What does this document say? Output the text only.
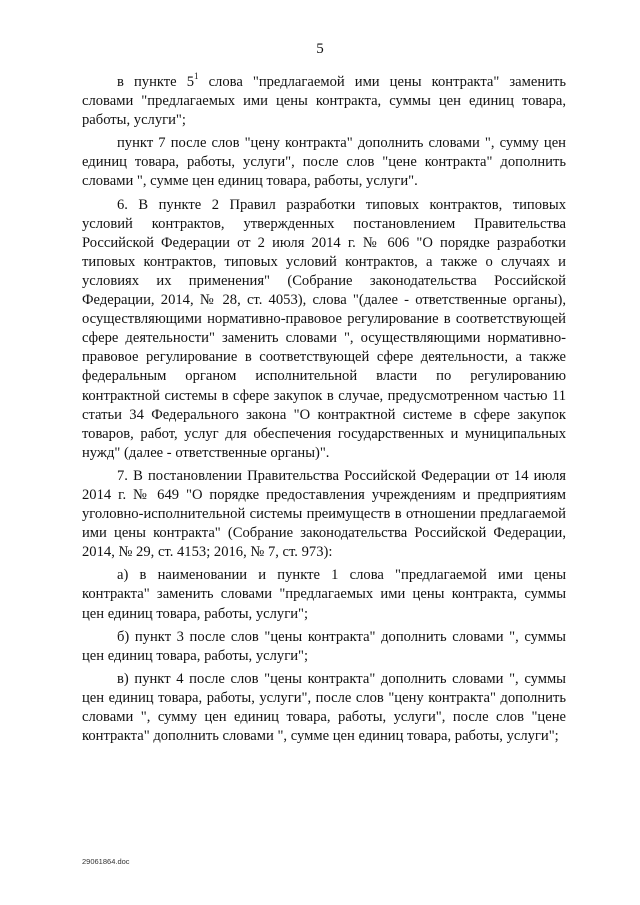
5

в пункте $5^1$ слова "предлагаемой ими цены контракта" заменить словами "предлагаемых ими цены контракта, суммы цен единиц товара, работы, услуги";

пункт 7 после слов "цену контракта" дополнить словами ", сумму цен единиц товара, работы, услуги", после слов "цене контракта" дополнить словами ", сумме цен единиц товара, работы, услуги".

6. В пункте 2 Правил разработки типовых контрактов, типовых условий контрактов, утвержденных постановлением Правительства Российской Федерации от 2 июля 2014 г. № 606 "О порядке разработки типовых контрактов, типовых условий контрактов, а также о случаях и условиях их применения" (Собрание законодательства Российской Федерации, 2014, № 28, ст. 4053), слова "(далее - ответственные органы), осуществляющими нормативно-правовое регулирование в соответствующей сфере деятельности" заменить словами ", осуществляющими нормативно-правовое регулирование в соответствующей сфере деятельности, а также федеральным органом исполнительной власти по регулированию контрактной системы в сфере закупок в случае, предусмотренном частью 11 статьи 34 Федерального закона "О контрактной системе в сфере закупок товаров, работ, услуг для обеспечения государственных и муниципальных нужд" (далее - ответственные органы)".

7. В постановлении Правительства Российской Федерации от 14 июля 2014 г. № 649 "О порядке предоставления учреждениям и предприятиям уголовно-исполнительной системы преимуществ в отношении предлагаемой ими цены контракта" (Собрание законодательства Российской Федерации, 2014, № 29, ст. 4153; 2016, № 7, ст. 973):

а) в наименовании и пункте 1 слова "предлагаемой ими цены контракта" заменить словами "предлагаемых ими цены контракта, суммы цен единиц товара, работы, услуги";

б) пункт 3 после слов "цены контракта" дополнить словами ", суммы цен единиц товара, работы, услуги";

в) пункт 4 после слов "цены контракта" дополнить словами ", суммы цен единиц товара, работы, услуги", после слов "цену контракта" дополнить словами ", сумму цен единиц товара, работы, услуги", после слов "цене контракта" дополнить словами ", сумме цен единиц товара, работы, услуги";

29061864.doc
